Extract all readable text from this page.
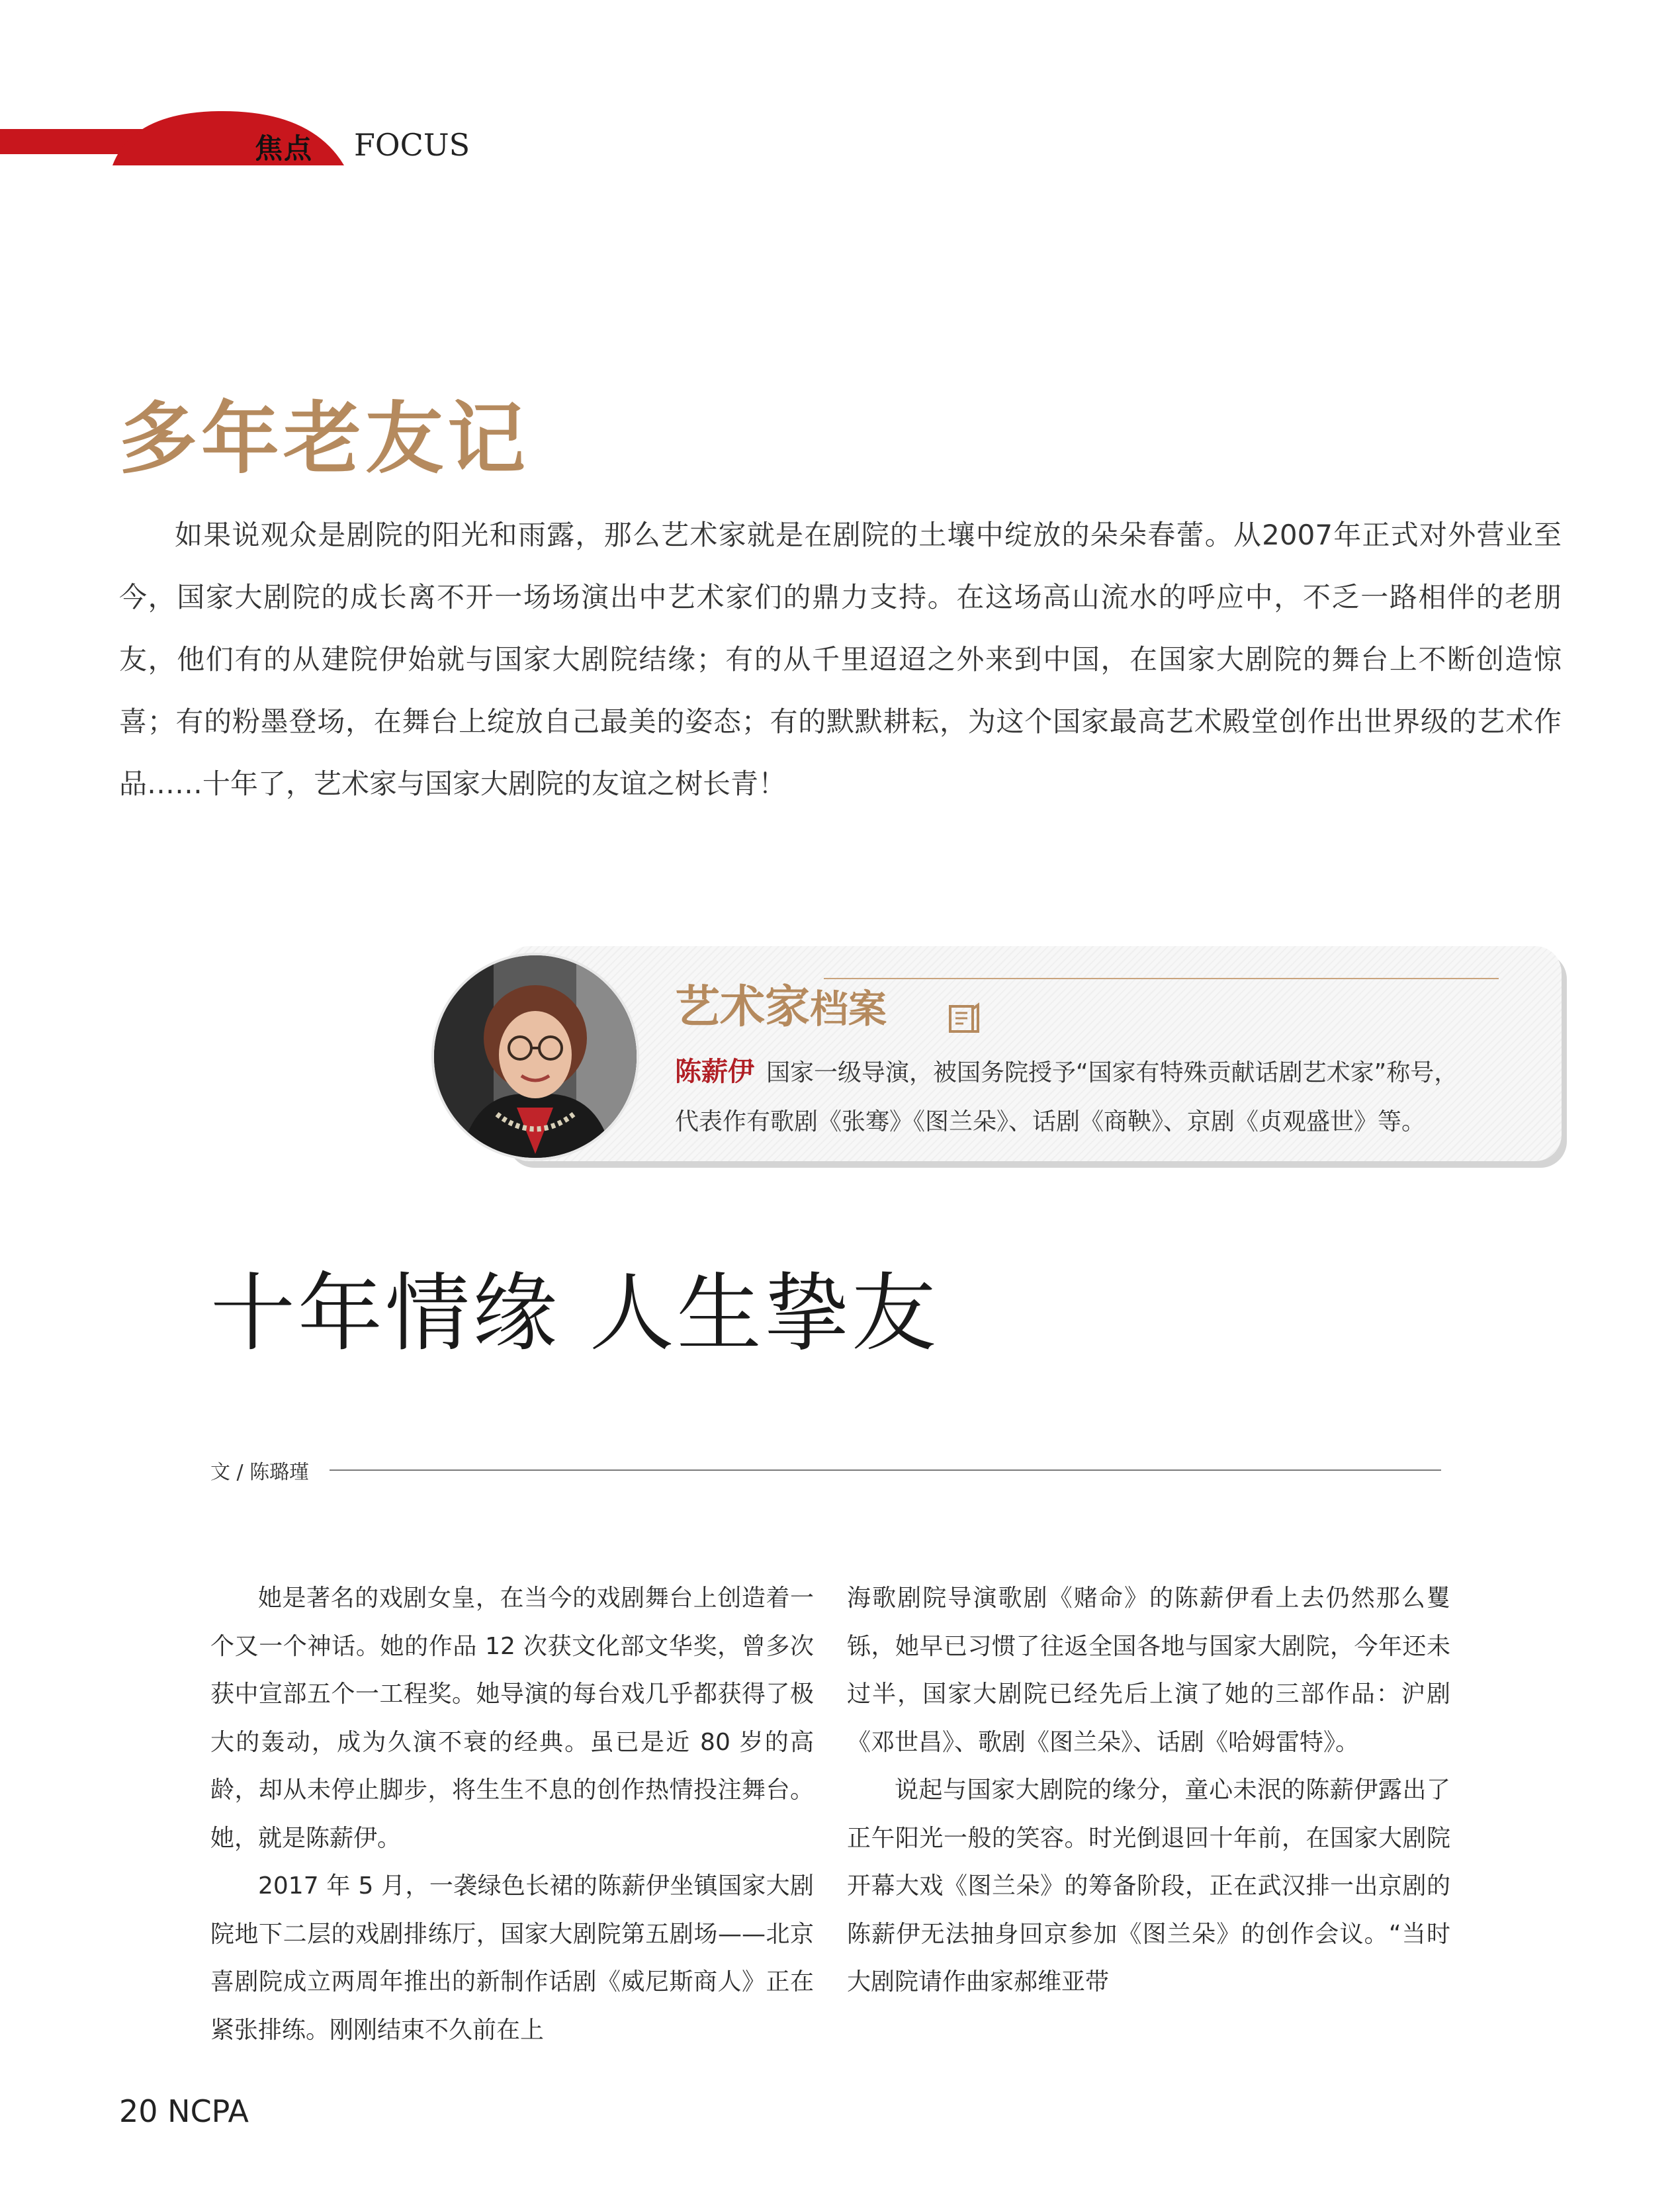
焦点 FOCUS
多年老友记

如果说观众是剧院的阳光和雨露，那么艺术家就是在剧院的土壤中绽放的朵朵春蕾。从2007年正式对外营业至今，国家大剧院的成长离不开一场场演出中艺术家们的鼎力支持。在这场高山流水的呼应中，不乏一路相伴的老朋友，他们有的从建院伊始就与国家大剧院结缘；有的从千里迢迢之外来到中国，在国家大剧院的舞台上不断创造惊喜；有的粉墨登场，在舞台上绽放自己最美的姿态；有的默默耕耘，为这个国家最高艺术殿堂创作出世界级的艺术作品……十年了，艺术家与国家大剧院的友谊之树长青！

艺术家档案
陈薪伊 国家一级导演，被国务院授予“国家有特殊贡献话剧艺术家”称号，
代表作有歌剧《张骞》《图兰朵》、话剧《商鞅》、京剧《贞观盛世》等。
十年情缘 人生挚友
文 / 陈璐瑾

她是著名的戏剧女皇，在当今的戏剧舞台上创造着一个又一个神话。她的作品 12 次获文化部文华奖，曾多次获中宣部五个一工程奖。她导演的每台戏几乎都获得了极大的轰动，成为久演不衰的经典。虽已是近 80 岁的高龄，却从未停止脚步，将生生不息的创作热情投注舞台。她，就是陈薪伊。

2017 年 5 月，一袭绿色长裙的陈薪伊坐镇国家大剧院地下二层的戏剧排练厅，国家大剧院第五剧场——北京喜剧院成立两周年推出的新制作话剧《威尼斯商人》正在紧张排练。刚刚结束不久前在上

海歌剧院导演歌剧《赌命》的陈薪伊看上去仍然那么矍铄，她早已习惯了往返全国各地与国家大剧院，今年还未过半，国家大剧院已经先后上演了她的三部作品：沪剧《邓世昌》、歌剧《图兰朵》、话剧《哈姆雷特》。

说起与国家大剧院的缘分，童心未泯的陈薪伊露出了正午阳光一般的笑容。时光倒退回十年前，在国家大剧院开幕大戏《图兰朵》的筹备阶段，正在武汉排一出京剧的陈薪伊无法抽身回京参加《图兰朵》的创作会议。“当时大剧院请作曲家郝维亚带

20 NCPA
